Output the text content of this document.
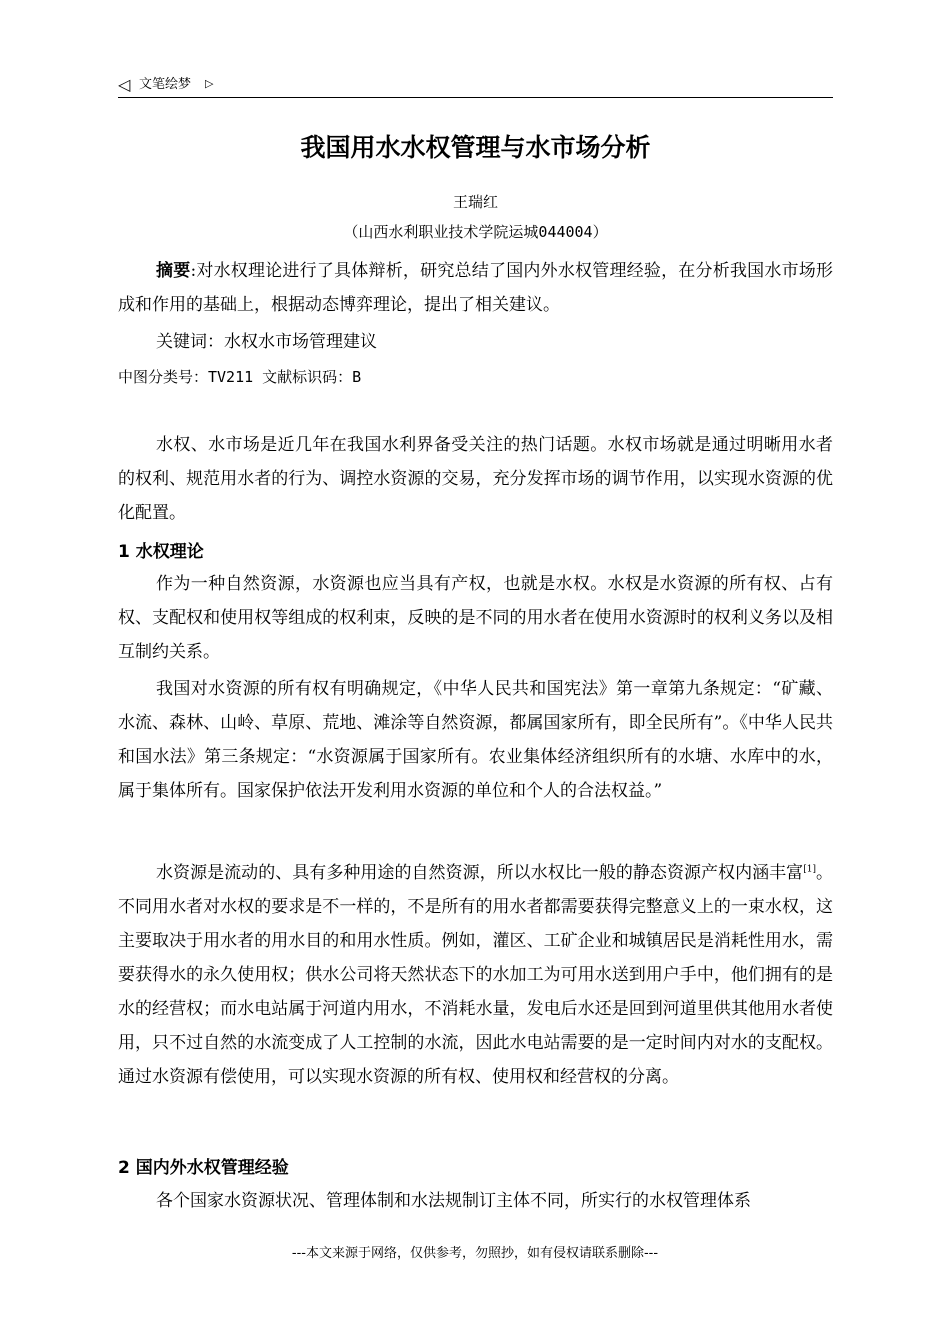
◁ 文笔绘梦 ▷
我国用水水权管理与水市场分析
王瑞红
（山西水利职业技术学院运城044004）
摘要:对水权理论进行了具体辩析，研究总结了国内外水权管理经验，在分析我国水市场形成和作用的基础上，根据动态博弈理论，提出了相关建议。
关键词：水权水市场管理建议
中图分类号：TV211 文献标识码：B
水权、水市场是近几年在我国水利界备受关注的热门话题。水权市场就是通过明晰用水者的权利、规范用水者的行为、调控水资源的交易，充分发挥市场的调节作用，以实现水资源的优化配置。
1 水权理论
作为一种自然资源，水资源也应当具有产权，也就是水权。水权是水资源的所有权、占有权、支配权和使用权等组成的权利束，反映的是不同的用水者在使用水资源时的权利义务以及相互制约关系。
我国对水资源的所有权有明确规定，《中华人民共和国宪法》第一章第九条规定：“矿藏、水流、森林、山岭、草原、荒地、滩涂等自然资源，都属国家所有，即全民所有”。《中华人民共和国水法》第三条规定：“水资源属于国家所有。农业集体经济组织所有的水塘、水库中的水，属于集体所有。国家保护依法开发利用水资源的单位和个人的合法权益。”
水资源是流动的、具有多种用途的自然资源，所以水权比一般的静态资源产权内涵丰富[1]。不同用水者对水权的要求是不一样的，不是所有的用水者都需要获得完整意义上的一束水权，这主要取决于用水者的用水目的和用水性质。例如，灌区、工矿企业和城镇居民是消耗性用水，需要获得水的永久使用权；供水公司将天然状态下的水加工为可用水送到用户手中，他们拥有的是水的经营权；而水电站属于河道内用水，不消耗水量，发电后水还是回到河道里供其他用水者使用，只不过自然的水流变成了人工控制的水流，因此水电站需要的是一定时间内对水的支配权。通过水资源有偿使用，可以实现水资源的所有权、使用权和经营权的分离。
2 国内外水权管理经验
各个国家水资源状况、管理体制和水法规制订主体不同，所实行的水权管理体系
---本文来源于网络，仅供参考，勿照抄，如有侵权请联系删除---
